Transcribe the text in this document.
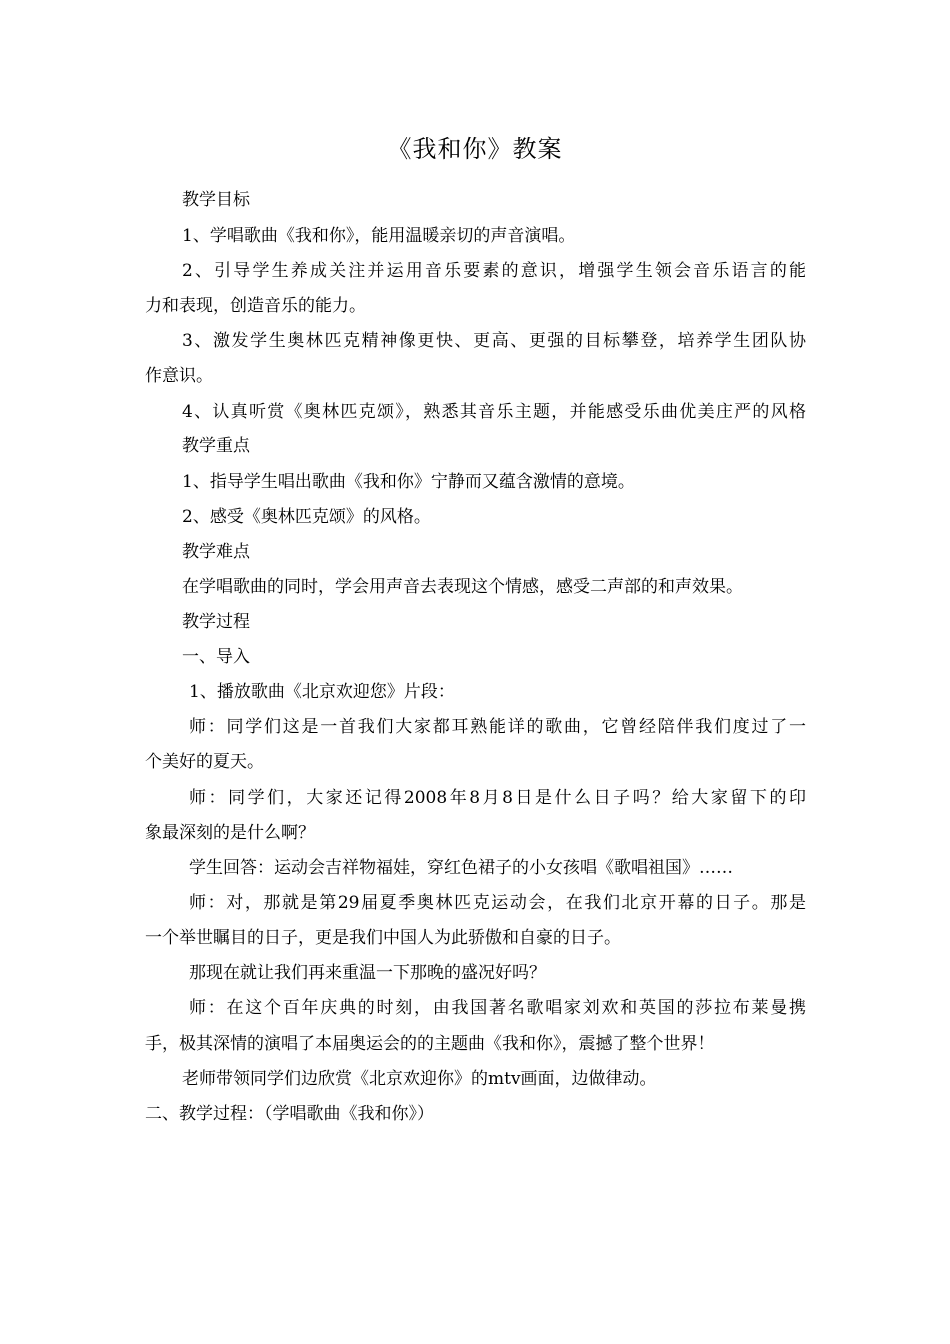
《我和你》教案
教学目标
1、学唱歌曲《我和你》，能用温暖亲切的声音演唱。
2、引导学生养成关注并运用音乐要素的意识，增强学生领会音乐语言的能
力和表现，创造音乐的能力。
3、激发学生奥林匹克精神像更快、更高、更强的目标攀登，培养学生团队协
作意识。
4、认真听赏《奥林匹克颂》，熟悉其音乐主题，并能感受乐曲优美庄严的风格
教学重点
1、指导学生唱出歌曲《我和你》宁静而又蕴含激情的意境。
2、感受《奥林匹克颂》的风格。
教学难点
在学唱歌曲的同时，学会用声音去表现这个情感，感受二声部的和声效果。
教学过程
一、导入
1、播放歌曲《北京欢迎您》片段：
师：同学们这是一首我们大家都耳熟能详的歌曲，它曾经陪伴我们度过了一
个美好的夏天。
师：同学们，大家还记得2008年8月8日是什么日子吗？给大家留下的印
象最深刻的是什么啊？
学生回答：运动会吉祥物福娃，穿红色裙子的小女孩唱《歌唱祖国》……
师：对，那就是第29届夏季奥林匹克运动会，在我们北京开幕的日子。那是
一个举世瞩目的日子，更是我们中国人为此骄傲和自豪的日子。
那现在就让我们再来重温一下那晚的盛况好吗？
师：在这个百年庆典的时刻，由我国著名歌唱家刘欢和英国的莎拉布莱曼携
手，极其深情的演唱了本届奥运会的的主题曲《我和你》，震撼了整个世界！
老师带领同学们边欣赏《北京欢迎你》的mtv画面，边做律动。
二、教学过程：（学唱歌曲《我和你》）
